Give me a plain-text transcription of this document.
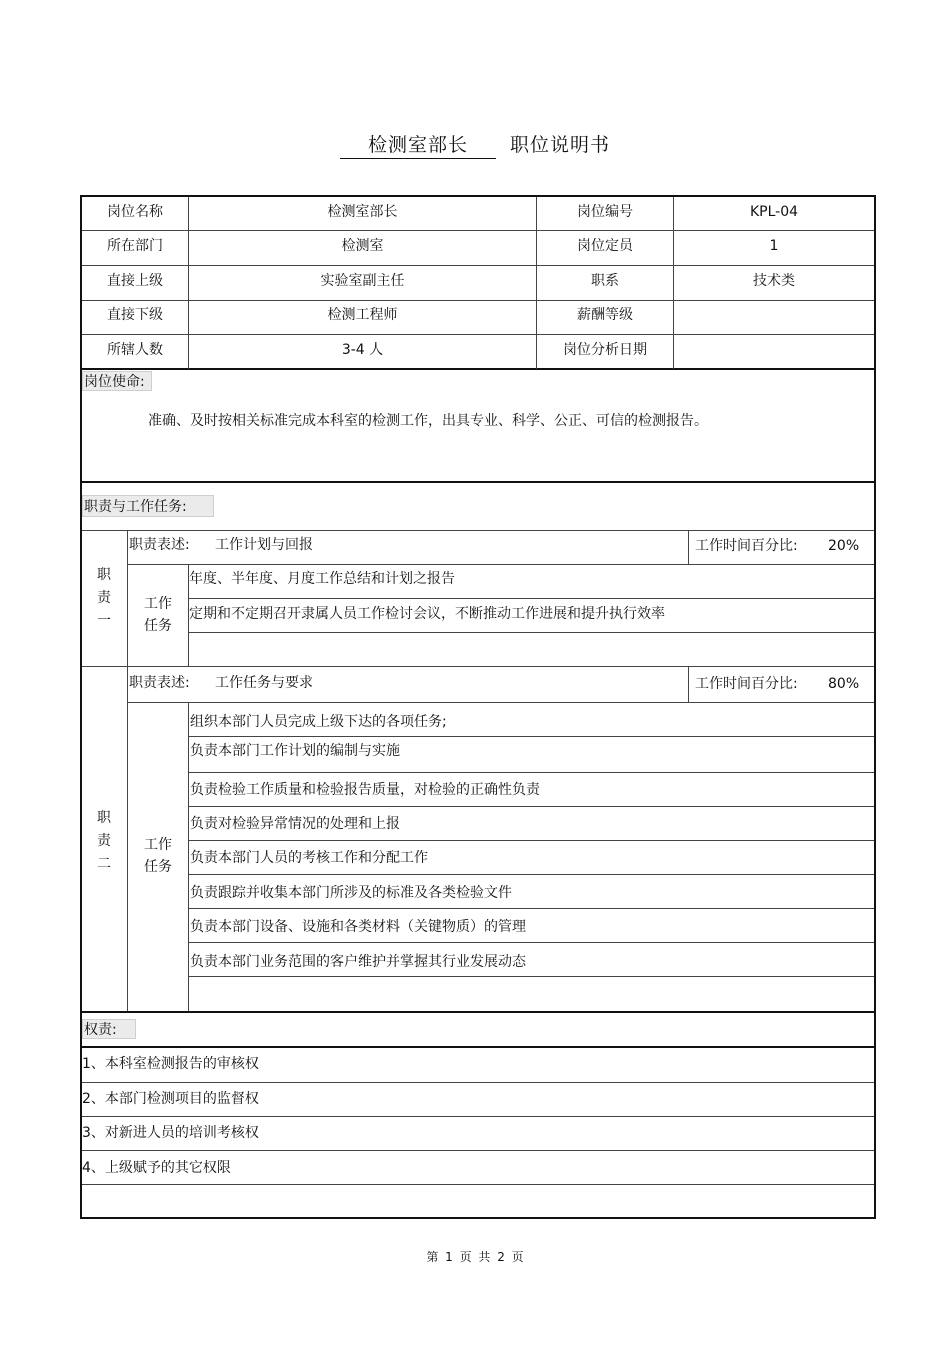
检测室部长 职位说明书
岗位名称	检测室部长	岗位编号	KPL-04
所在部门	检测室	岗位定员	1
直接上级	实验室副主任	职系	技术类
直接下级	检测工程师	薪酬等级
所辖人数	3-4 人	岗位分析日期
岗位使命:
准确、及时按相关标准完成本科室的检测工作，出具专业、科学、公正、可信的检测报告。
职责与工作任务:
职责一
职责表述: 工作计划与回报	工作时间百分比: 20%
工作任务
年度、半年度、月度工作总结和计划之报告
定期和不定期召开隶属人员工作检讨会议，不断推动工作进展和提升执行效率
职责二
职责表述: 工作任务与要求	工作时间百分比: 80%
工作任务
组织本部门人员完成上级下达的各项任务;
负责本部门工作计划的编制与实施
负责检验工作质量和检验报告质量，对检验的正确性负责
负责对检验异常情况的处理和上报
负责本部门人员的考核工作和分配工作
负责跟踪并收集本部门所涉及的标准及各类检验文件
负责本部门设备、设施和各类材料（关键物质）的管理
负责本部门业务范围的客户维护并掌握其行业发展动态
权责:
1、本科室检测报告的审核权
2、本部门检测项目的监督权
3、对新进人员的培训考核权
4、上级赋予的其它权限
第 1 页 共 2 页
